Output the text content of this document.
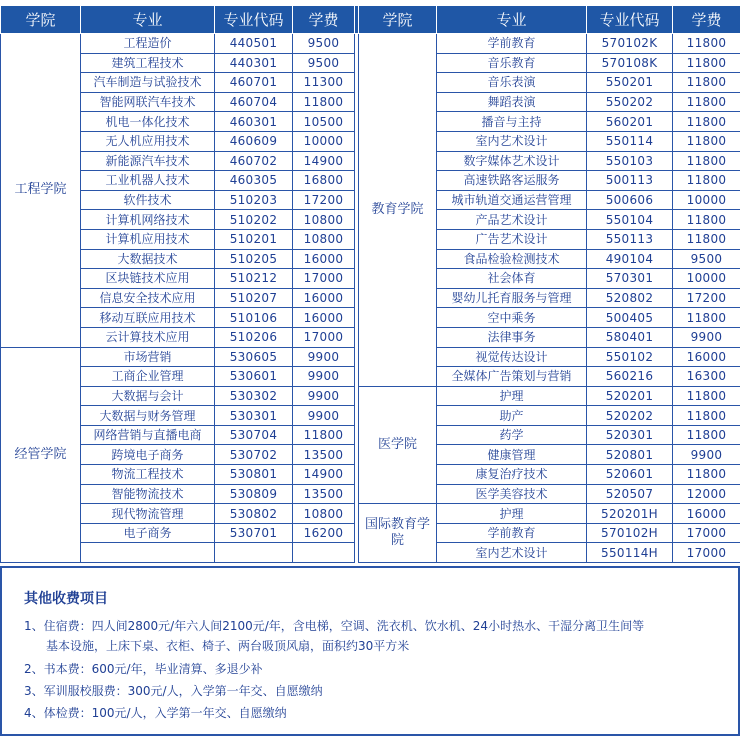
学院	专业	专业代码	学费		学院	专业	专业代码	学费
工程学院	工程造价	440501	9500		教育学院	学前教育	570102K	11800
	建筑工程技术	440301	9500			音乐教育	570108K	11800
	汽车制造与试验技术	460701	11300			音乐表演	550201	11800
	智能网联汽车技术	460704	11800			舞蹈表演	550202	11800
	机电一体化技术	460301	10500			播音与主持	560201	11800
	无人机应用技术	460609	10000			室内艺术设计	550114	11800
	新能源汽车技术	460702	14900			数字媒体艺术设计	550103	11800
	工业机器人技术	460305	16800			高速铁路客运服务	500113	11800
	软件技术	510203	17200			城市轨道交通运营管理	500606	10000
	计算机网络技术	510202	10800			产品艺术设计	550104	11800
	计算机应用技术	510201	10800			广告艺术设计	550113	11800
	大数据技术	510205	16000			食品检验检测技术	490104	9500
	区块链技术应用	510212	17000			社会体育	570301	10000
	信息安全技术应用	510207	16000			婴幼儿托育服务与管理	520802	17200
	移动互联应用技术	510106	16000			空中乘务	500405	11800
	云计算技术应用	510206	17000			法律事务	580401	9900
经管学院	市场营销	530605	9900			视觉传达设计	550102	16000
	工商企业管理	530601	9900			全媒体广告策划与营销	560216	16300
	大数据与会计	530302	9900		医学院	护理	520201	11800
	大数据与财务管理	530301	9900			助产	520202	11800
	网络营销与直播电商	530704	11800			药学	520301	11800
	跨境电子商务	530702	13500			健康管理	520801	9900
	物流工程技术	530801	14900			康复治疗技术	520601	11800
	智能物流技术	530809	13500			医学美容技术	520507	12000
	现代物流管理	530802	10800		国际教育学院	护理	520201H	16000
	电子商务	530701	16200			学前教育	570102H	17000
						室内艺术设计	550114H	17000
其他收费项目
1、住宿费：四人间2800元/年六人间2100元/年，含电梯，空调、洗衣机、饮水机、24小时热水、干湿分离卫生间等
基本设施，上床下桌、衣柜、椅子、两台吸顶风扇，面积约30平方米
2、书本费：600元/年，毕业清算、多退少补
3、军训服校服费：300元/人，入学第一年交、自愿缴纳
4、体检费：100元/人，入学第一年交、自愿缴纳
